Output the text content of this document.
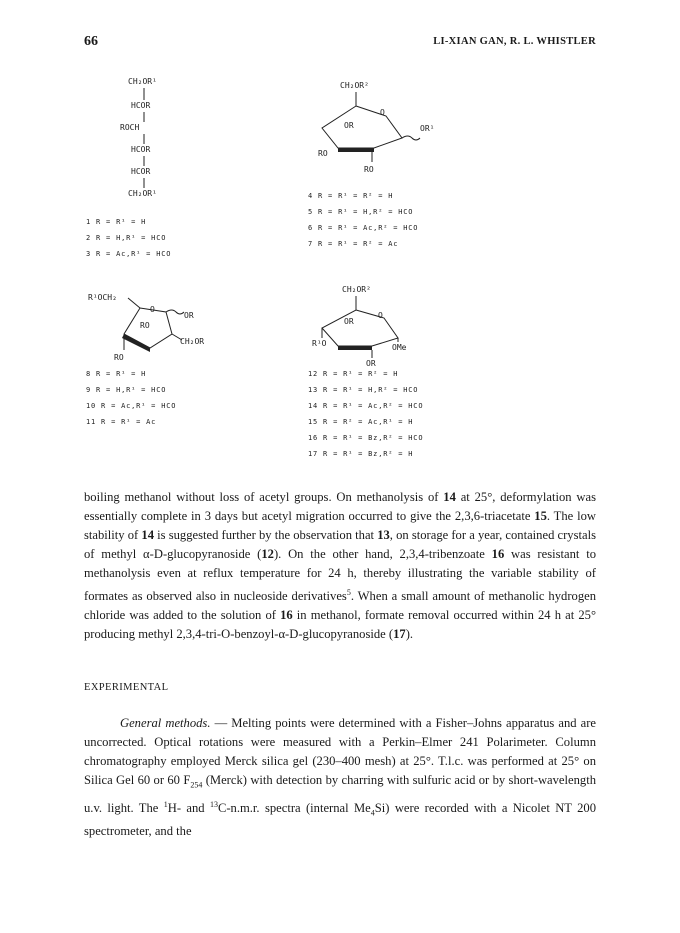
66	LI-XIAN GAN, R. L. WHISTLER
CH₂OR¹
HCOR
ROCH
HCOR
HCOR
CH₂OR¹
CH₂OR²
O
OR	OR¹
RO
RO
R¹OCH₂
O
OR
RO
CH₂OR
RO
CH₂OR²
O
OR
R¹O	OMe
OR
1 R = R¹ = H
2 R = H,R¹ = HCO
3 R = Ac,R¹ = HCO
4 R = R¹ = R² = H
5 R = R¹ = H,R² = HCO
6 R = R¹ = Ac,R² = HCO
7 R = R¹ = R² = Ac
8 R = R¹ = H
9 R = H,R¹ = HCO
10 R = Ac,R¹ = HCO
11 R = R¹ = Ac
12 R = R¹ = R² = H
13 R = R¹ = H,R² = HCO
14 R = R¹ = Ac,R² = HCO
15 R = R² = Ac,R¹ = H
16 R = R¹ = Bz,R² = HCO
17 R = R¹ = Bz,R² = H

boiling methanol without loss of acetyl groups. On methanolysis of 14 at 25°, deformylation was essentially complete in 3 days but acetyl migration occurred to give the 2,3,6-triacetate 15. The low stability of 14 is suggested further by the observation that 13, on storage for a year, contained crystals of methyl α-D-glucopyranoside (12). On the other hand, 2,3,4-tribenzoate 16 was resistant to methanolysis even at reflux temperature for 24 h, thereby illustrating the variable stability of formates as observed also in nucleoside derivatives$^5$. When a small amount of methanolic hydrogen chloride was added to the solution of 16 in methanol, formate removal occurred within 24 h at 25° producing methyl 2,3,4-tri-O-benzoyl-α-D-glucopyranoside (17).

EXPERIMENTAL

General methods. — Melting points were determined with a Fisher–Johns apparatus and are uncorrected. Optical rotations were measured with a Perkin–Elmer 241 Polarimeter. Column chromatography employed Merck silica gel (230–400 mesh) at 25°. T.l.c. was performed at 25° on Silica Gel 60 or 60 $F_{254}$ (Merck) with detection by charring with sulfuric acid or by short-wavelength u.v. light. The $^1$H- and $^{13}$C-n.m.r. spectra (internal $Me_4Si$) were recorded with a Nicolet NT 200 spectrometer, and the
